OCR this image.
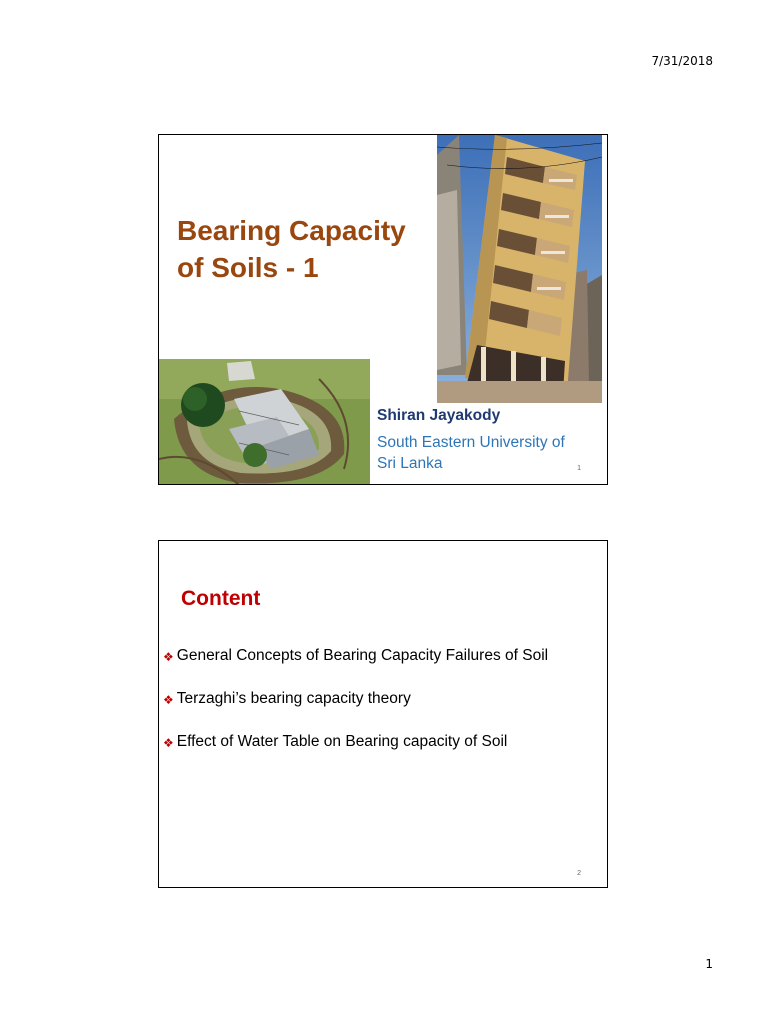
7/31/2018
Bearing Capacity
of Soils - 1
Shiran Jayakody
South Eastern University of
Sri Lanka	1
Content
❖ General Concepts of Bearing Capacity Failures of Soil
❖ Terzaghi’s bearing capacity theory
❖ Effect of Water Table on Bearing capacity of Soil
2
1
